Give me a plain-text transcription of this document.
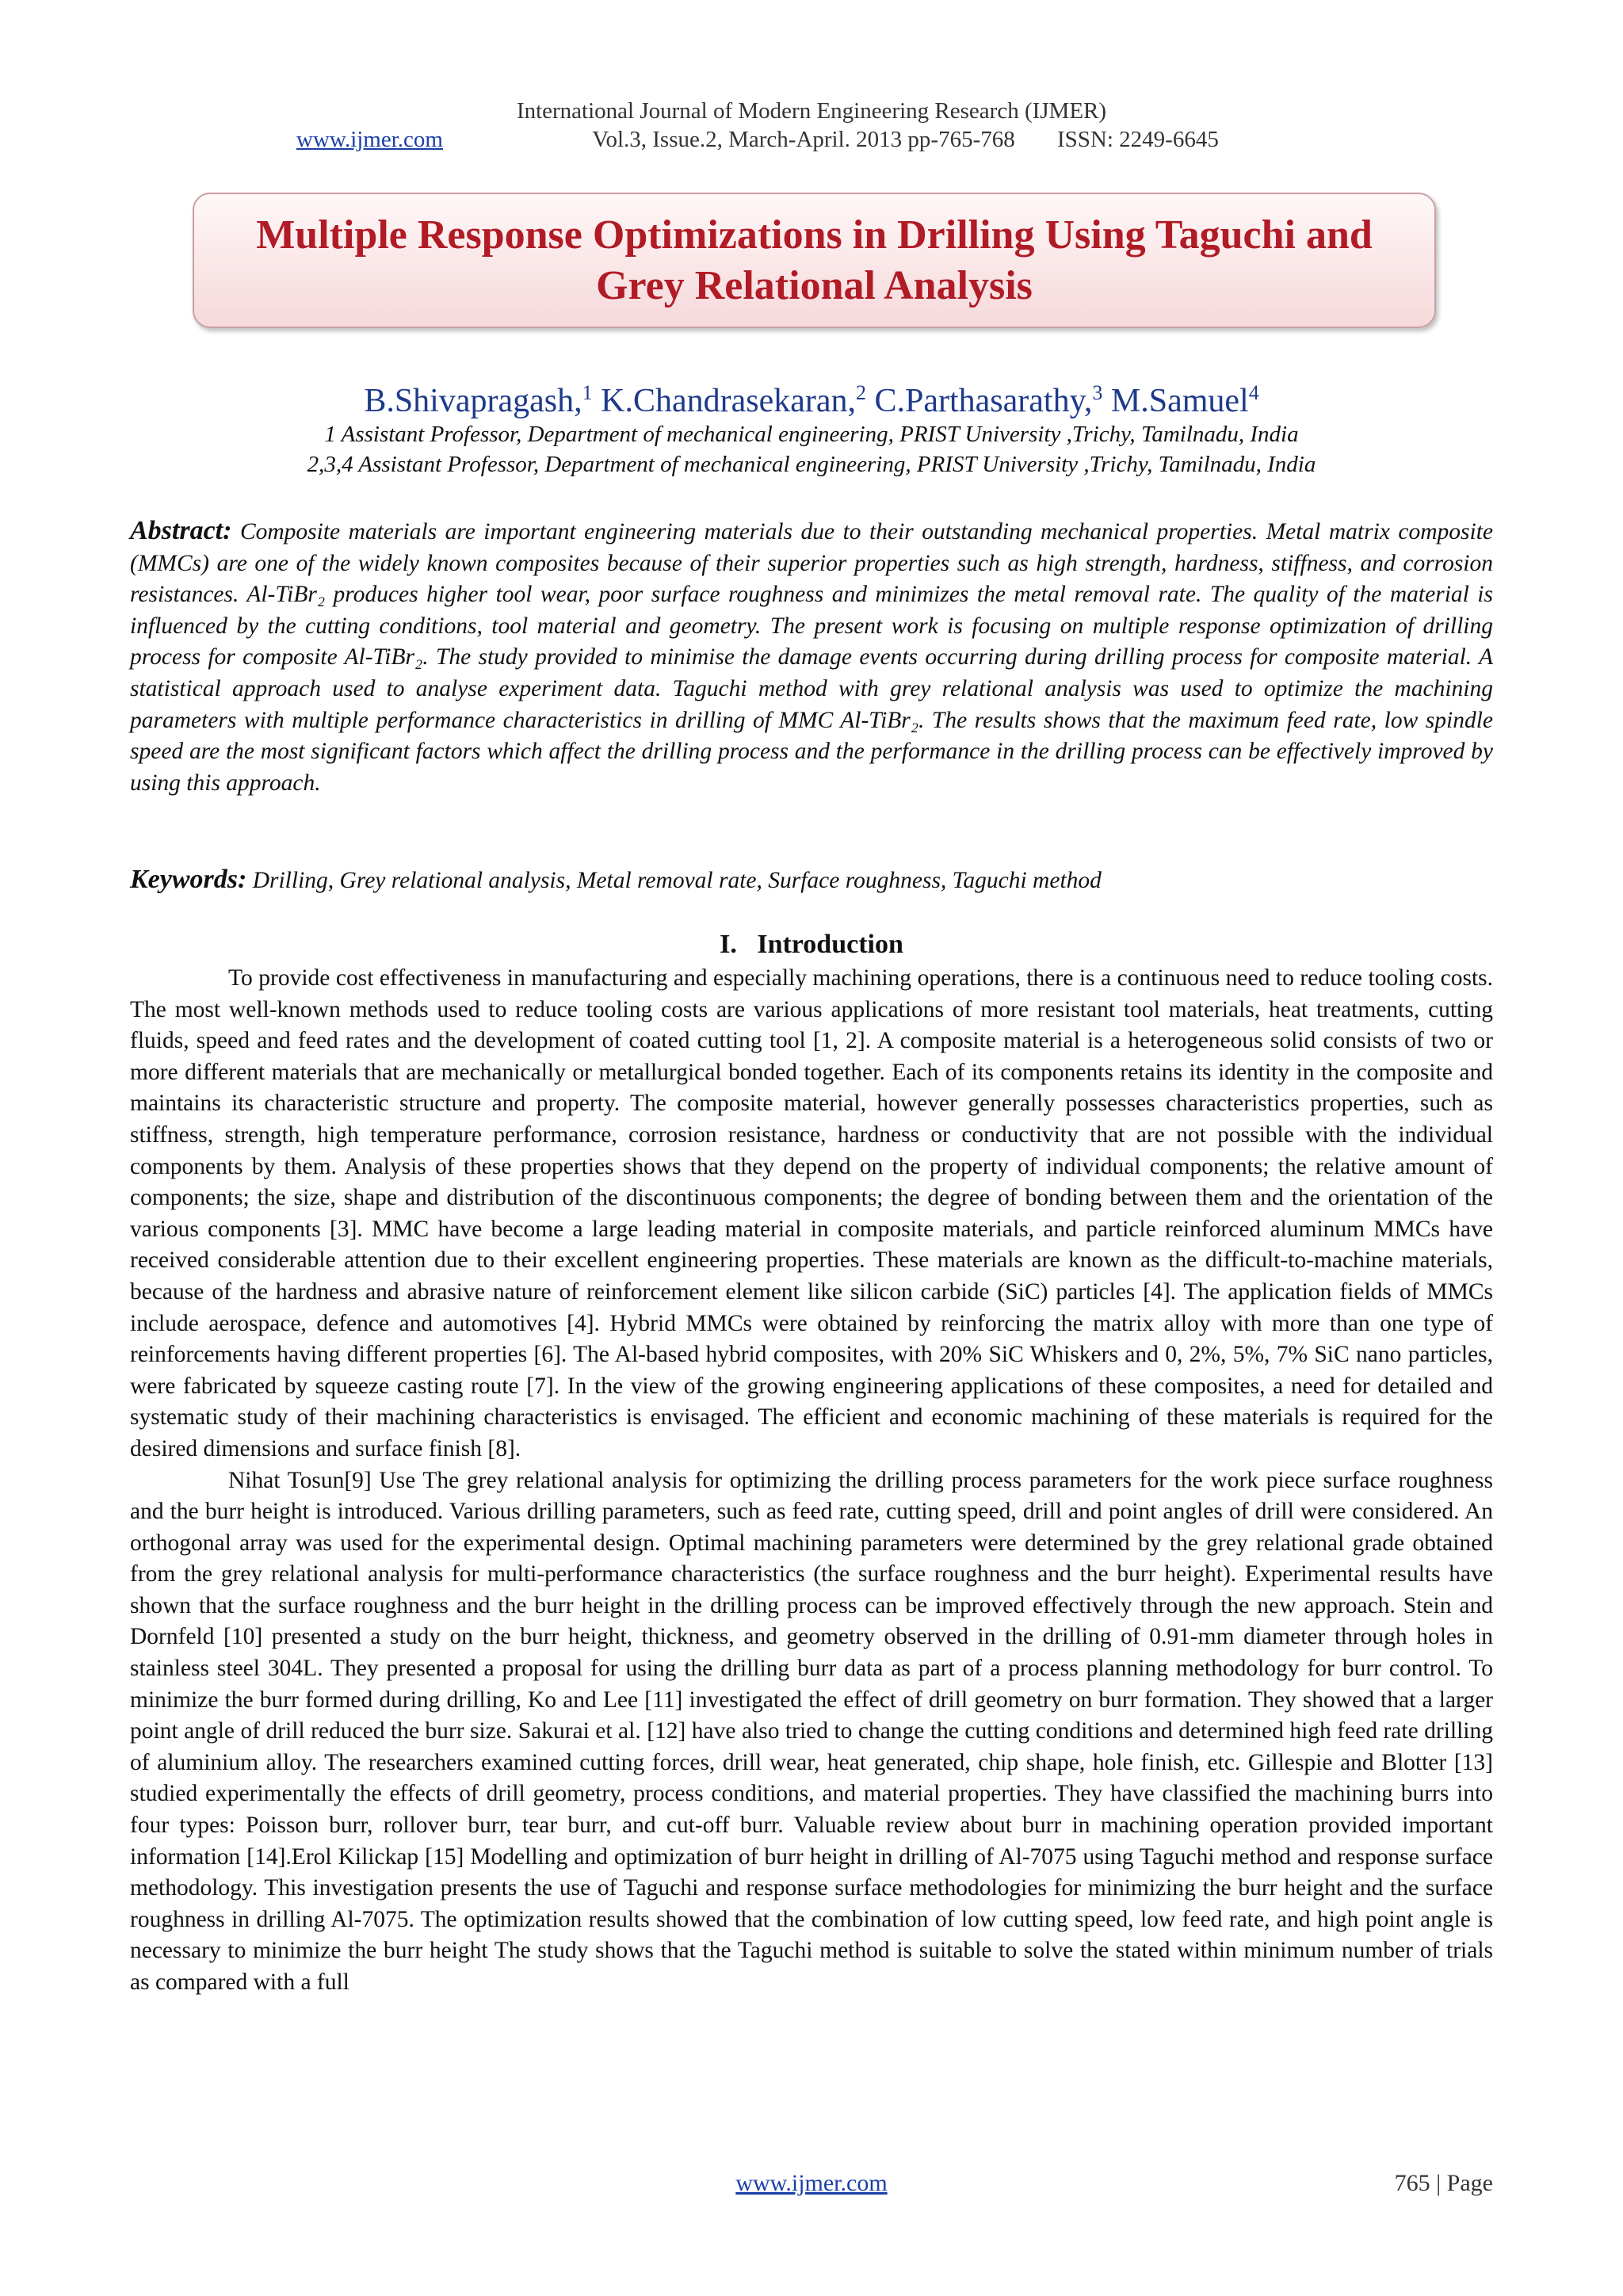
International Journal of Modern Engineering Research (IJMER)
www.ijmer.com	Vol.3, Issue.2, March-April. 2013 pp-765-768	ISSN: 2249-6645
Multiple Response Optimizations in Drilling Using Taguchi and Grey Relational Analysis
B.Shivapragash,$^1$ K.Chandrasekaran,$^2$ C.Parthasarathy,$^3$ M.Samuel$^4$
1 Assistant Professor, Department of mechanical engineering, PRIST University ,Trichy, Tamilnadu, India
2,3,4 Assistant Professor, Department of mechanical engineering, PRIST University ,Trichy, Tamilnadu, India
Abstract: Composite materials are important engineering materials due to their outstanding mechanical properties. Metal matrix composite (MMCs) are one of the widely known composites because of their superior properties such as high strength, hardness, stiffness, and corrosion resistances. Al-TiBr₂ produces higher tool wear, poor surface roughness and minimizes the metal removal rate. The quality of the material is influenced by the cutting conditions, tool material and geometry. The present work is focusing on multiple response optimization of drilling process for composite Al-TiBr₂. The study provided to minimise the damage events occurring during drilling process for composite material. A statistical approach used to analyse experiment data. Taguchi method with grey relational analysis was used to optimize the machining parameters with multiple performance characteristics in drilling of MMC Al-TiBr₂. The results shows that the maximum feed rate, low spindle speed are the most significant factors which affect the drilling process and the performance in the drilling process can be effectively improved by using this approach.
Keywords: Drilling, Grey relational analysis, Metal removal rate, Surface roughness, Taguchi method
I. Introduction

To provide cost effectiveness in manufacturing and especially machining operations, there is a continuous need to reduce tooling costs. The most well-known methods used to reduce tooling costs are various applications of more resistant tool materials, heat treatments, cutting fluids, speed and feed rates and the development of coated cutting tool [1, 2]. A composite material is a heterogeneous solid consists of two or more different materials that are mechanically or metallurgical bonded together. Each of its components retains its identity in the composite and maintains its characteristic structure and property. The composite material, however generally possesses characteristics properties, such as stiffness, strength, high temperature performance, corrosion resistance, hardness or conductivity that are not possible with the individual components by them. Analysis of these properties shows that they depend on the property of individual components; the relative amount of components; the size, shape and distribution of the discontinuous components; the degree of bonding between them and the orientation of the various components [3]. MMC have become a large leading material in composite materials, and particle reinforced aluminum MMCs have received considerable attention due to their excellent engineering properties. These materials are known as the difficult-to-machine materials, because of the hardness and abrasive nature of reinforcement element like silicon carbide (SiC) particles [4]. The application fields of MMCs include aerospace, defence and automotives [4]. Hybrid MMCs were obtained by reinforcing the matrix alloy with more than one type of reinforcements having different properties [6]. The Al-based hybrid composites, with 20% SiC Whiskers and 0, 2%, 5%, 7% SiC nano particles, were fabricated by squeeze casting route [7]. In the view of the growing engineering applications of these composites, a need for detailed and systematic study of their machining characteristics is envisaged. The efficient and economic machining of these materials is required for the desired dimensions and surface finish [8].

Nihat Tosun[9] Use The grey relational analysis for optimizing the drilling process parameters for the work piece surface roughness and the burr height is introduced. Various drilling parameters, such as feed rate, cutting speed, drill and point angles of drill were considered. An orthogonal array was used for the experimental design. Optimal machining parameters were determined by the grey relational grade obtained from the grey relational analysis for multi-performance characteristics (the surface roughness and the burr height). Experimental results have shown that the surface roughness and the burr height in the drilling process can be improved effectively through the new approach. Stein and Dornfeld [10] presented a study on the burr height, thickness, and geometry observed in the drilling of 0.91-mm diameter through holes in stainless steel 304L. They presented a proposal for using the drilling burr data as part of a process planning methodology for burr control. To minimize the burr formed during drilling, Ko and Lee [11] investigated the effect of drill geometry on burr formation. They showed that a larger point angle of drill reduced the burr size. Sakurai et al. [12] have also tried to change the cutting conditions and determined high feed rate drilling of aluminium alloy. The researchers examined cutting forces, drill wear, heat generated, chip shape, hole finish, etc. Gillespie and Blotter [13] studied experimentally the effects of drill geometry, process conditions, and material properties. They have classified the machining burrs into four types: Poisson burr, rollover burr, tear burr, and cut-off burr. Valuable review about burr in machining operation provided important information [14].Erol Kilickap [15] Modelling and optimization of burr height in drilling of Al-7075 using Taguchi method and response surface methodology. This investigation presents the use of Taguchi and response surface methodologies for minimizing the burr height and the surface roughness in drilling Al-7075. The optimization results showed that the combination of low cutting speed, low feed rate, and high point angle is necessary to minimize the burr height The study shows that the Taguchi method is suitable to solve the stated within minimum number of trials as compared with a full

www.ijmer.com	765 | Page
